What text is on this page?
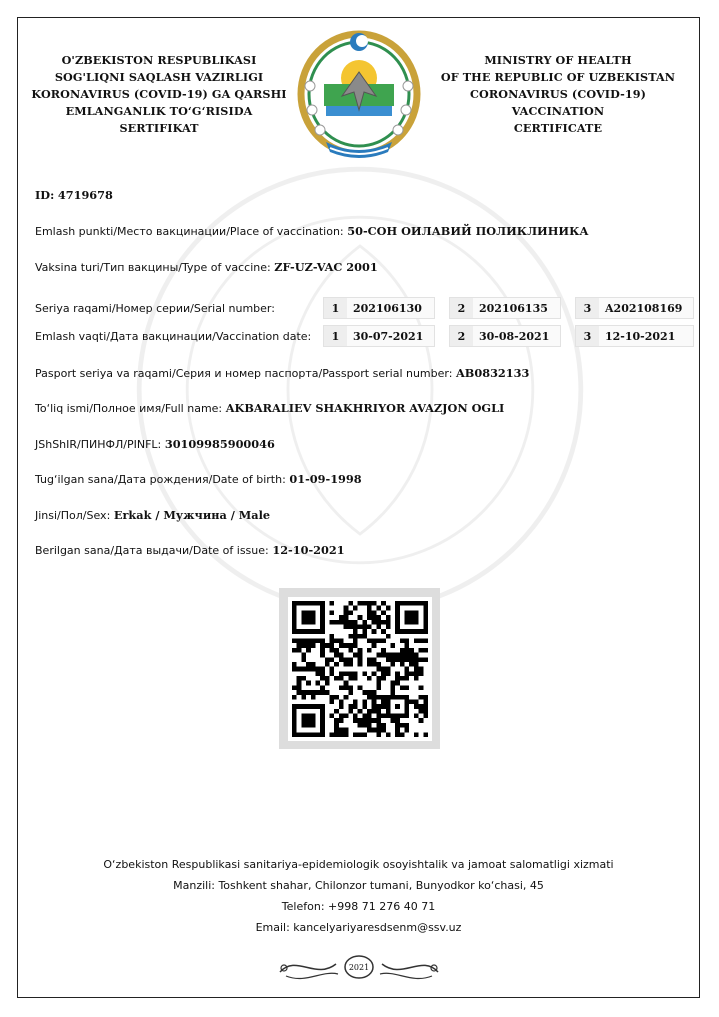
O'ZBEKISTON RESPUBLIKASI
SOG'LIQNI SAQLASH VAZIRLIGI
KORONAVIRUS (COVID-19) GA QARSHI
EMLANGANLIK TO‘G‘RISIDA
SERTIFIKAT
MINISTRY OF HEALTH
OF THE REPUBLIC OF UZBEKISTAN
CORONAVIRUS (COVID-19)
VACCINATION
CERTIFICATE
ID: 4719678
Emlash punkti/Место вакцинации/Place of vaccination: 50-СОН ОИЛАВИЙ ПОЛИКЛИНИКА
Vaksina turi/Тип вакцины/Type of vaccine: ZF-UZ-VAC 2001
Seriya raqami/Номер серии/Serial number:
Emlash vaqti/Дата вакцинации/Vaccination date:
1	202106130	2	202106135	3	A202108169
1	30-07-2021	2	30-08-2021	3	12-10-2021
Pasport seriya va raqami/Серия и номер паспорта/Passport serial number: AB0832133
To‘liq ismi/Полное имя/Full name: AKBARALIEV SHAKHRIYOR AVAZJON OGLI
JShShIR/ПИНФЛ/PINFL: 30109985900046
Tug‘ilgan sana/Дата рождения/Date of birth: 01-09-1998
Jinsi/Пол/Sex: Erkak / Мужчина / Male
Berilgan sana/Дата выдачи/Date of issue: 12-10-2021
O‘zbekiston Respublikasi sanitariya-epidemiologik osoyishtalik va jamoat salomatligi xizmati
Manzili: Toshkent shahar, Chilonzor tumani, Bunyodkor ko‘chasi, 45
Telefon: +998 71 276 40 71
Email: kancelyariyaresdsenm@ssv.uz
2021
